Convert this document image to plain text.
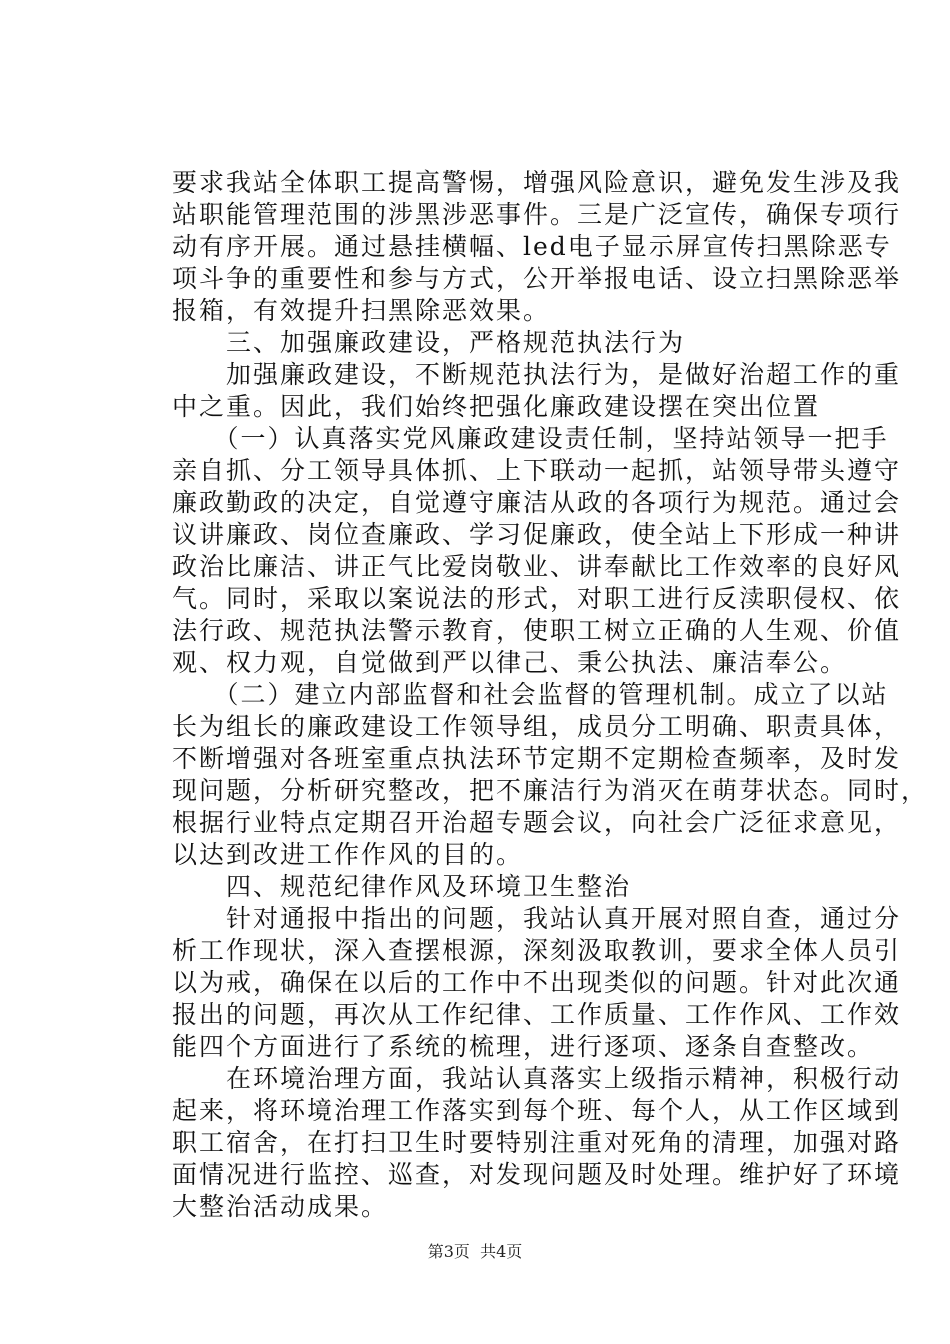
要求我站全体职工提高警惕，增强风险意识，避免发生涉及我
站职能管理范围的涉黑涉恶事件。三是广泛宣传，确保专项行
动有序开展。通过悬挂横幅、led电子显示屏宣传扫黑除恶专
项斗争的重要性和参与方式，公开举报电话、设立扫黑除恶举
报箱，有效提升扫黑除恶效果。
　　三、加强廉政建设，严格规范执法行为
　　加强廉政建设，不断规范执法行为，是做好治超工作的重
中之重。因此，我们始终把强化廉政建设摆在突出位置
　　（一）认真落实党风廉政建设责任制，坚持站领导一把手
亲自抓、分工领导具体抓、上下联动一起抓，站领导带头遵守
廉政勤政的决定，自觉遵守廉洁从政的各项行为规范。通过会
议讲廉政、岗位查廉政、学习促廉政，使全站上下形成一种讲
政治比廉洁、讲正气比爱岗敬业、讲奉献比工作效率的良好风
气。同时，采取以案说法的形式，对职工进行反渎职侵权、依
法行政、规范执法警示教育，使职工树立正确的人生观、价值
观、权力观，自觉做到严以律己、秉公执法、廉洁奉公。
　　（二）建立内部监督和社会监督的管理机制。成立了以站
长为组长的廉政建设工作领导组，成员分工明确、职责具体，
不断增强对各班室重点执法环节定期不定期检查频率，及时发
现问题，分析研究整改，把不廉洁行为消灭在萌芽状态。同时，
根据行业特点定期召开治超专题会议，向社会广泛征求意见，
以达到改进工作作风的目的。
　　四、规范纪律作风及环境卫生整治
　　针对通报中指出的问题，我站认真开展对照自查，通过分
析工作现状，深入查摆根源，深刻汲取教训，要求全体人员引
以为戒，确保在以后的工作中不出现类似的问题。针对此次通
报出的问题，再次从工作纪律、工作质量、工作作风、工作效
能四个方面进行了系统的梳理，进行逐项、逐条自查整改。
　　在环境治理方面，我站认真落实上级指示精神，积极行动
起来，将环境治理工作落实到每个班、每个人，从工作区域到
职工宿舍，在打扫卫生时要特别注重对死角的清理，加强对路
面情况进行监控、巡查，对发现问题及时处理。维护好了环境
大整治活动成果。
第3页  共4页
